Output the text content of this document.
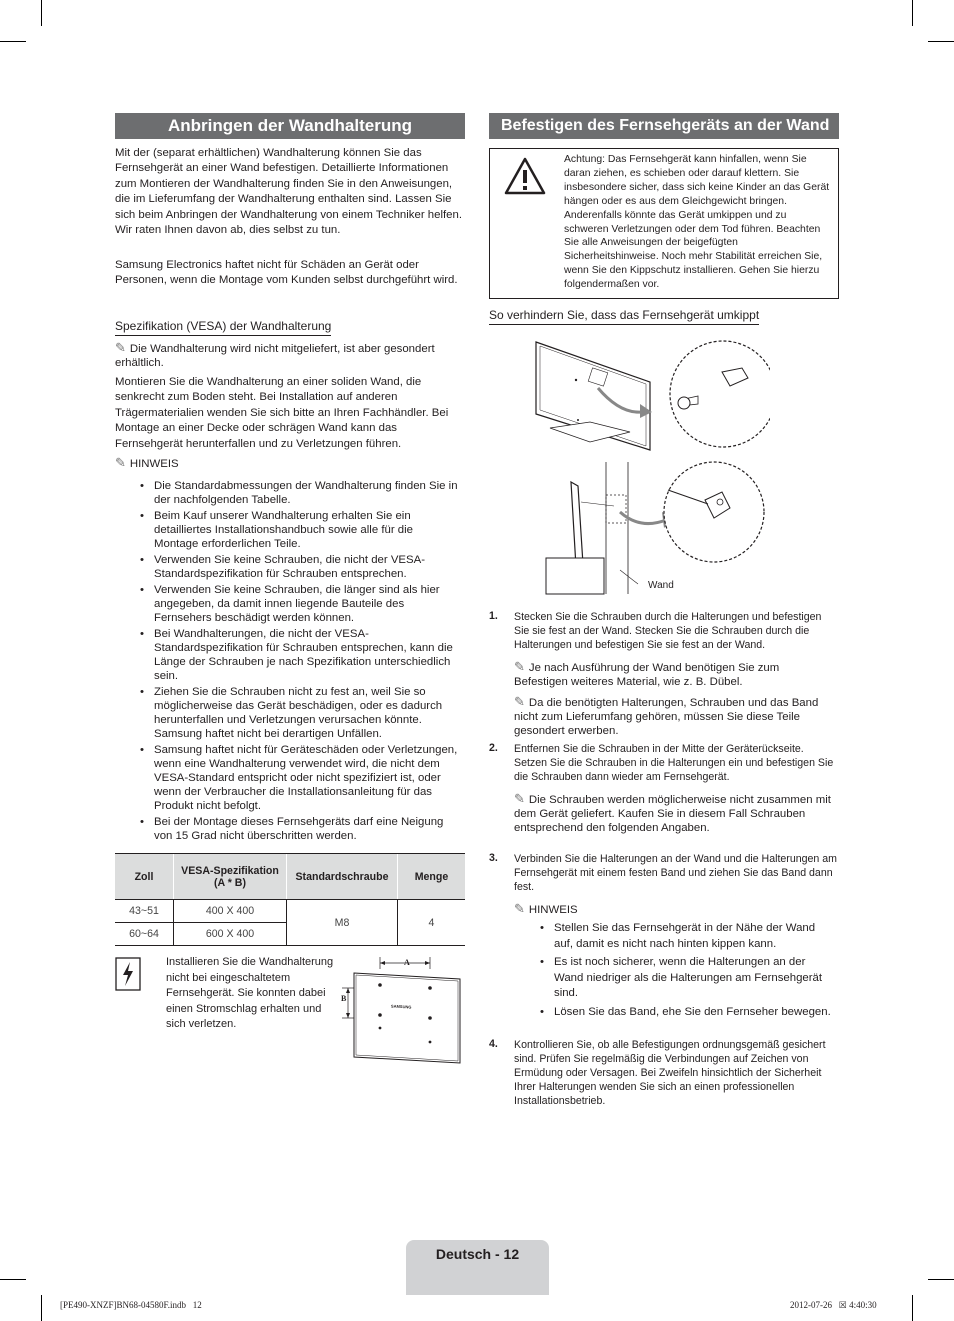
Anbringen der Wandhalterung
Mit der (separat erhältlichen) Wandhalterung können Sie das Fernsehgerät an einer Wand befestigen. Detaillierte Informationen zum Montieren der Wandhalterung finden Sie in den Anweisungen, die im Lieferumfang der Wandhalterung enthalten sind. Lassen Sie sich beim Anbringen der Wandhalterung von einem Techniker helfen. Wir raten Ihnen davon ab, dies selbst zu tun.
Samsung Electronics haftet nicht für Schäden an Gerät oder Personen, wenn die Montage vom Kunden selbst durchgeführt wird.
Spezifikation (VESA) der Wandhalterung
✎ Die Wandhalterung wird nicht mitgeliefert, ist aber gesondert erhältlich.
Montieren Sie die Wandhalterung an einer soliden Wand, die senkrecht zum Boden steht. Bei Installation auf anderen Trägermaterialien wenden Sie sich bitte an Ihren Fachhändler. Bei Montage an einer Decke oder schrägen Wand kann das Fernsehgerät herunterfallen und zu Verletzungen führen.
✎ HINWEIS
• Die Standardabmessungen der Wandhalterung finden Sie in der nachfolgenden Tabelle.
• Beim Kauf unserer Wandhalterung erhalten Sie ein detailliertes Installationshandbuch sowie alle für die Montage erforderlichen Teile.
• Verwenden Sie keine Schrauben, die nicht der VESA-Standardspezifikation für Schrauben entsprechen.
• Verwenden Sie keine Schrauben, die länger sind als hier angegeben, da damit innen liegende Bauteile des Fernsehers beschädigt werden können.
• Bei Wandhalterungen, die nicht der VESA-Standardspezifikation für Schrauben entsprechen, kann die Länge der Schrauben je nach Spezifikation unterschiedlich sein.
• Ziehen Sie die Schrauben nicht zu fest an, weil Sie so möglicherweise das Gerät beschädigen, oder es dadurch herunterfallen und Verletzungen verursachen könnte. Samsung haftet nicht bei derartigen Unfällen.
• Samsung haftet nicht für Geräteschäden oder Verletzungen, wenn eine Wandhalterung verwendet wird, die nicht dem VESA-Standard entspricht oder nicht spezifiziert ist, oder wenn der Verbraucher die Installationsanleitung für das Produkt nicht befolgt.
• Bei der Montage dieses Fernsehgeräts darf eine Neigung von 15 Grad nicht überschritten werden.
Zoll	VESA-Spezifikation (A * B)	Standardschraube	Menge
43~51	400 X 400	M8	4
60~64	600 X 400		
Installieren Sie die Wandhalterung nicht bei eingeschaltetem Fernsehgerät. Sie konnten dabei einen Stromschlag erhalten und sich verletzen.
A
B
SAMSUNG
Befestigen des Fernsehgeräts an der Wand
Achtung: Das Fernsehgerät kann hinfallen, wenn Sie daran ziehen, es schieben oder darauf klettern. Sie insbesondere sicher, dass sich keine Kinder an das Gerät hängen oder es aus dem Gleichgewicht bringen. Anderenfalls könnte das Gerät umkippen und zu schweren Verletzungen oder dem Tod führen. Beachten Sie alle Anweisungen der beigefügten Sicherheitshinweise. Noch mehr Stabilität erreichen Sie, wenn Sie den Kippschutz installieren. Gehen Sie hierzu folgendermaßen vor.
So verhindern Sie, dass das Fernsehgerät umkippt
Wand
1. Stecken Sie die Schrauben durch die Halterungen und befestigen Sie sie fest an der Wand. Stecken Sie die Schrauben durch die Halterungen und befestigen Sie sie fest an der Wand.
✎ Je nach Ausführung der Wand benötigen Sie zum Befestigen weiteres Material, wie z. B. Dübel.
✎ Da die benötigten Halterungen, Schrauben und das Band nicht zum Lieferumfang gehören, müssen Sie diese Teile gesondert erwerben.
2. Entfernen Sie die Schrauben in der Mitte der Geräterückseite. Setzen Sie die Schrauben in die Halterungen ein und befestigen Sie die Schrauben dann wieder am Fernsehgerät.
✎ Die Schrauben werden möglicherweise nicht zusammen mit dem Gerät geliefert. Kaufen Sie in diesem Fall Schrauben entsprechend den folgenden Angaben.
3. Verbinden Sie die Halterungen an der Wand und die Halterungen am Fernsehgerät mit einem festen Band und ziehen Sie das Band dann fest.
✎ HINWEIS
• Stellen Sie das Fernsehgerät in der Nähe der Wand auf, damit es nicht nach hinten kippen kann.
• Es ist noch sicherer, wenn die Halterungen an der Wand niedriger als die Halterungen am Fernsehgerät sind.
• Lösen Sie das Band, ehe Sie den Fernseher bewegen.
4. Kontrollieren Sie, ob alle Befestigungen ordnungsgemäß gesichert sind. Prüfen Sie regelmäßig die Verbindungen auf Zeichen von Ermüdung oder Versagen. Bei Zweifeln hinsichtlich der Sicherheit Ihrer Halterungen wenden Sie sich an einen professionellen Installationsbetrieb.
Deutsch - 12
[PE490-XNZF]BN68-04580F.indb   12	2012-07-26   ☒ 4:40:30
